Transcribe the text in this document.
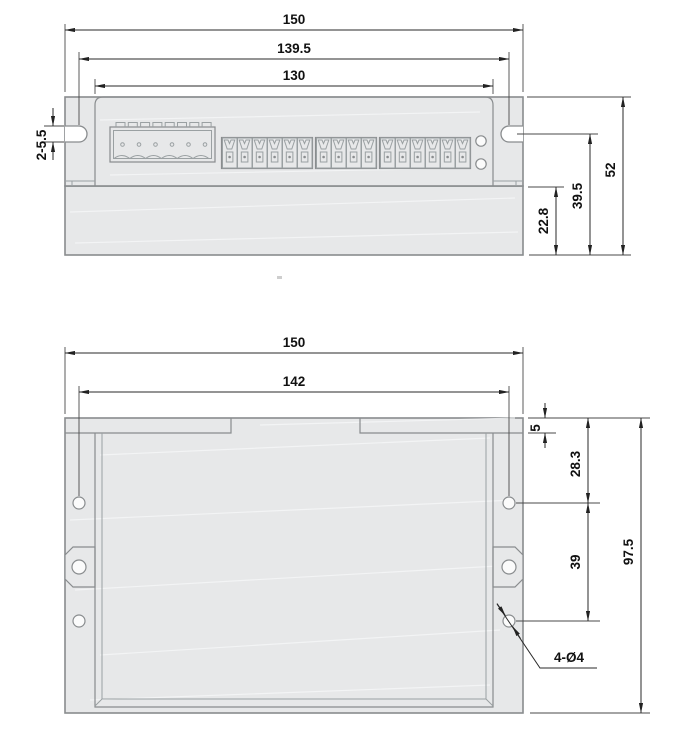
150
139.5
130
2-5.5
22.8
39.5
52
150
142
5
28.3
39	97.5
4-Ø4
